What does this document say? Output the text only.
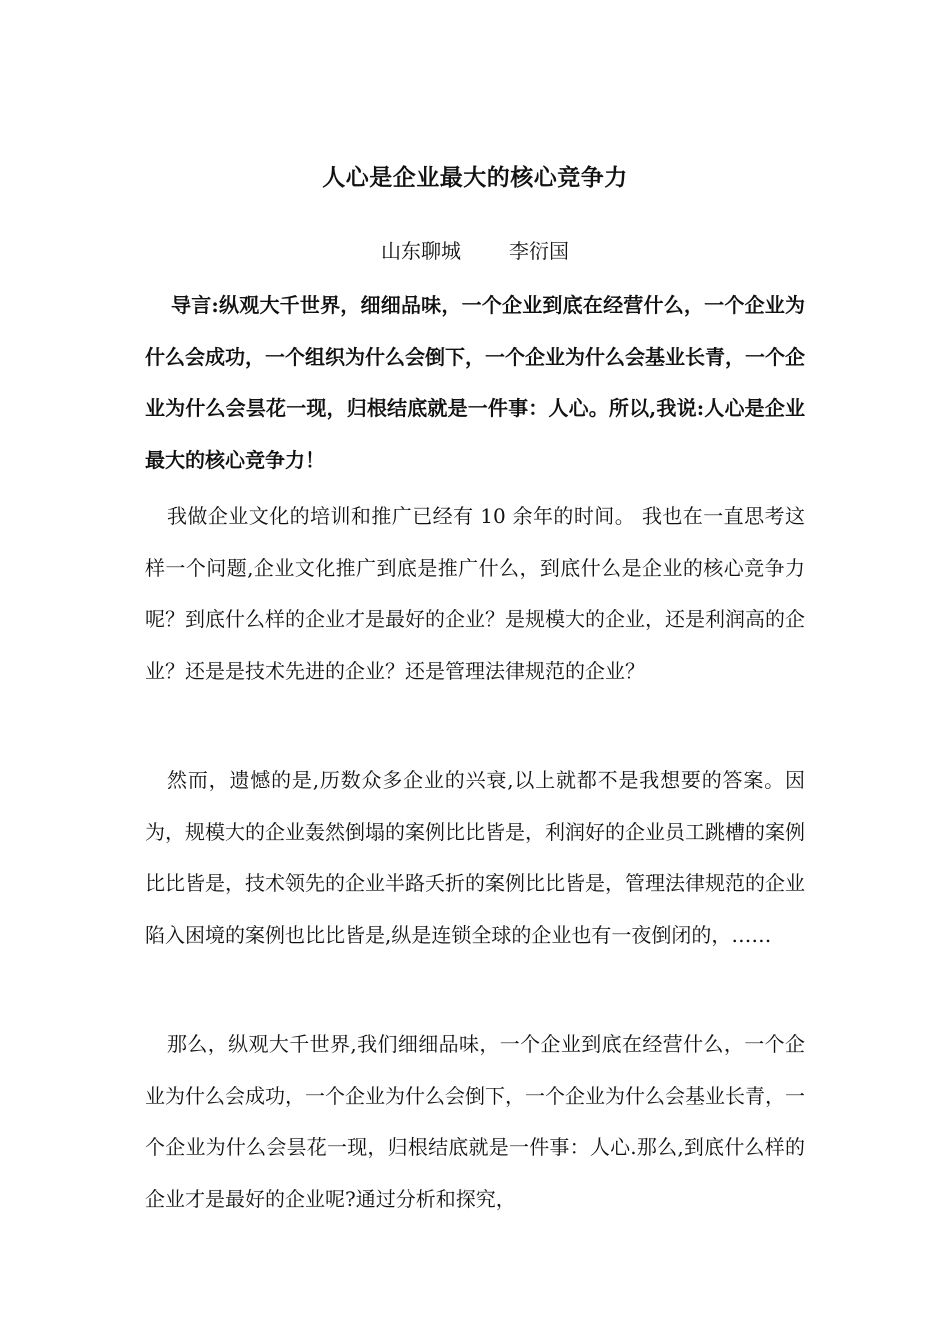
人心是企业最大的核心竞争力

山东聊城 李衍国

导言:纵观大千世界，细细品味，一个企业到底在经营什么，一个企业为什么会成功，一个组织为什么会倒下，一个企业为什么会基业长青，一个企业为什么会昙花一现，归根结底就是一件事：人心。所以,我说:人心是企业最大的核心竞争力！

我做企业文化的培训和推广已经有 10 余年的时间。 我也在一直思考这样一个问题,企业文化推广到底是推广什么，到底什么是企业的核心竞争力呢？到底什么样的企业才是最好的企业？是规模大的企业，还是利润高的企业？还是是技术先进的企业？还是管理法律规范的企业？

然而，遗憾的是,历数众多企业的兴衰,以上就都不是我想要的答案。因为，规模大的企业轰然倒塌的案例比比皆是，利润好的企业员工跳槽的案例比比皆是，技术领先的企业半路夭折的案例比比皆是，管理法律规范的企业陷入困境的案例也比比皆是,纵是连锁全球的企业也有一夜倒闭的，……

那么，纵观大千世界,我们细细品味，一个企业到底在经营什么，一个企业为什么会成功，一个企业为什么会倒下，一个企业为什么会基业长青，一个企业为什么会昙花一现，归根结底就是一件事：人心.那么,到底什么样的企业才是最好的企业呢?通过分析和探究，
